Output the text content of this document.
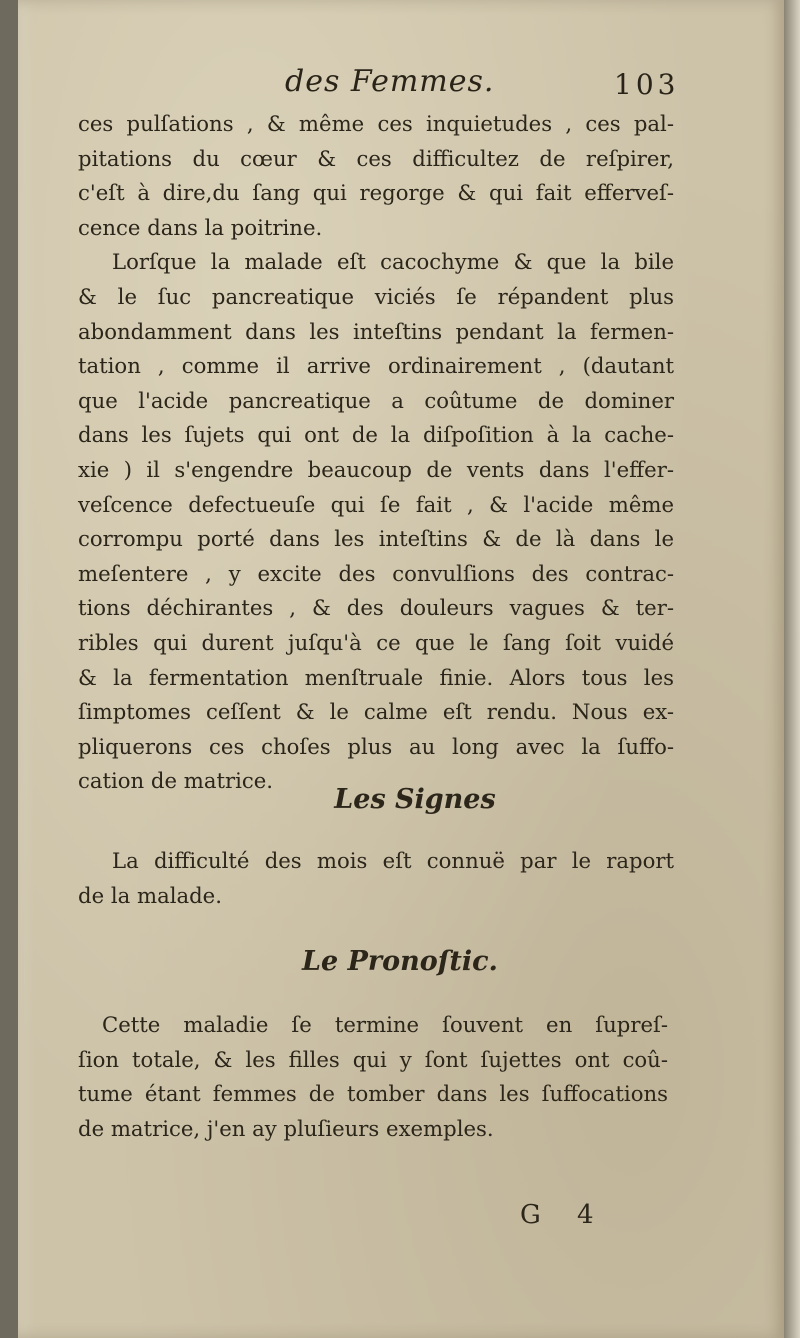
des Femmes.	103
ces pulſations , & même ces inquietudes , ces pal-
pitations du cœur & ces difficultez de reſpirer,
c'eſt à dire,du ſang qui regorge & qui fait efferveſ-
cence dans la poitrine.
Lorſque la malade eſt cacochyme & que la bile
& le ſuc pancreatique viciés ſe répandent plus
abondamment dans les inteſtins pendant la fermen-
tation , comme il arrive ordinairement , (dautant
que l'acide pancreatique a coûtume de dominer
dans les ſujets qui ont de la diſpoſition à la cache-
xie ) il s'engendre beaucoup de vents dans l'effer-
veſcence defectueuſe qui ſe fait , & l'acide même
corrompu porté dans les inteſtins & de là dans le
meſentere , y excite des convulſions des contrac-
tions déchirantes , & des douleurs vagues & ter-
ribles qui durent juſqu'à ce que le ſang ſoit vuidé
& la fermentation menſtruale finie. Alors tous les
ſimptomes ceſſent & le calme eſt rendu. Nous ex-
pliquerons ces choſes plus au long avec la ſuffo-
cation de matrice.
Les Signes
La difficulté des mois eſt connuë par le raport
de la malade.
Le Pronoſtic.
Cette maladie ſe termine ſouvent en ſupreſ-
ſion totale, & les filles qui y ſont ſujettes ont coû-
tume étant femmes de tomber dans les ſuffocations
de matrice, j'en ay pluſieurs exemples.
G 4
